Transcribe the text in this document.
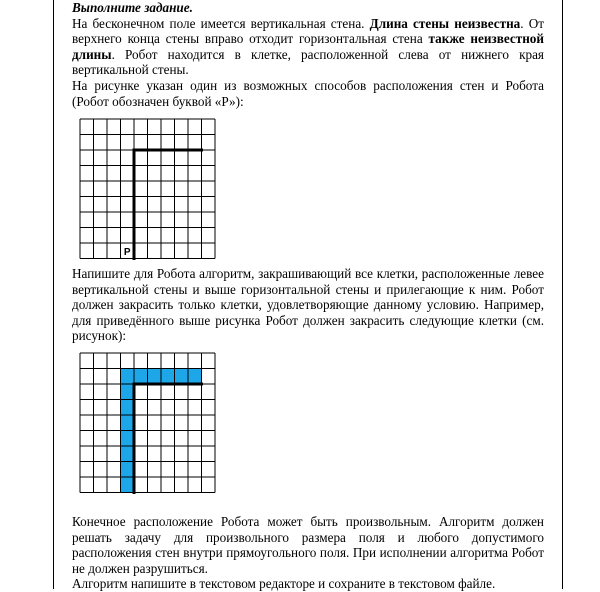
Выполните задание.

На бесконечном поле имеется вертикальная стена. Длина стены неизвестна. От верхнего конца стены вправо отходит горизонтальная стена также неизвестной длины. Робот находится в клетке, расположенной слева от нижнего края вертикальной стены.

На рисунке указан один из возможных способов расположения стен и Робота (Робот обозначен буквой «Р»):

Р

Напишите для Робота алгоритм, закрашивающий все клетки, расположенные левее вертикальной стены и выше горизонтальной стены и прилегающие к ним. Робот должен закрасить только клетки, удовлетворяющие данному условию. Например, для приведённого выше рисунка Робот должен закрасить следующие клетки (см. рисунок):

Конечное расположение Робота может быть произвольным. Алгоритм должен решать задачу для произвольного размера поля и любого допустимого расположения стен внутри прямоугольного поля. При исполнении алгоритма Робот не должен разрушиться.

Алгоритм напишите в текстовом редакторе и сохраните в текстовом файле.
